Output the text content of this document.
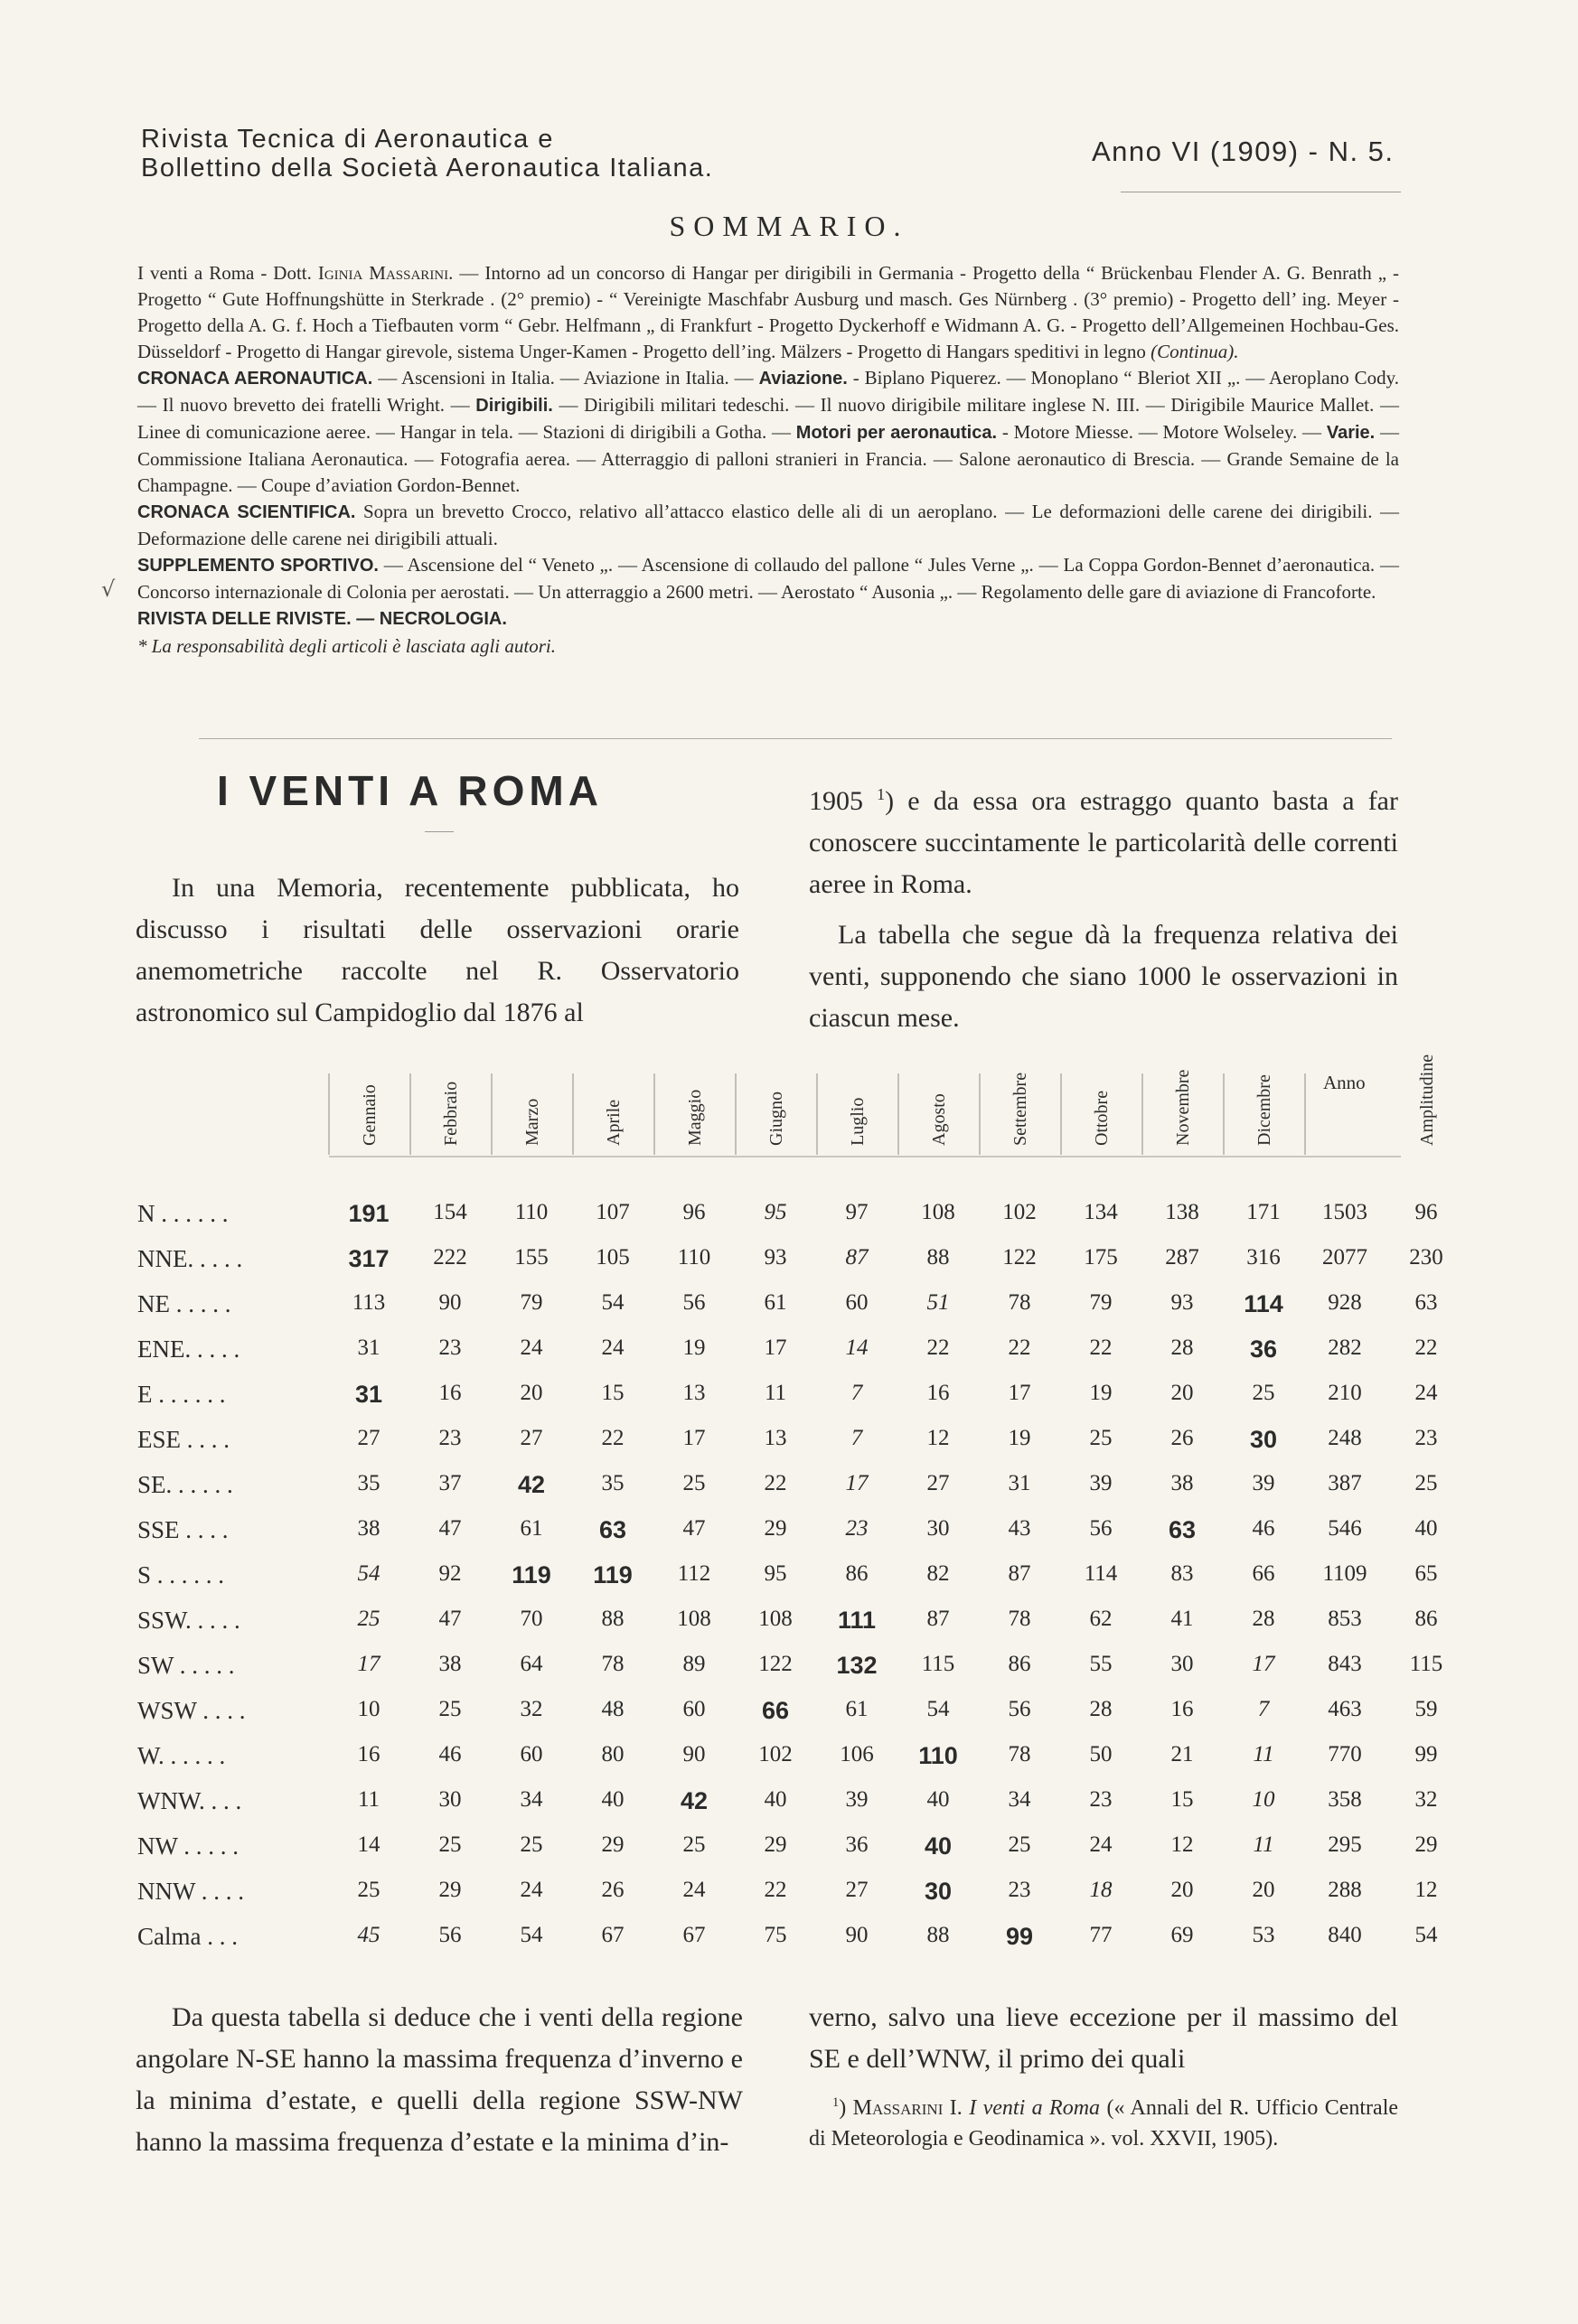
Rivista Tecnica di Aeronautica e
Bollettino della Società Aeronautica Italiana.
Anno VI (1909) - N. 5.
SOMMARIO.
√

I venti a Roma - Dott. Iginia Massarini. — Intorno ad un concorso di Hangar per dirigibili in Germania - Progetto della “ Brückenbau Flender A. G. Benrath „ - Progetto “ Gute Hoffnungshütte in Sterkrade . (2° premio) - “ Vereinigte Maschfabr Ausburg und masch. Ges Nürnberg . (3° premio) - Progetto dell’ ing. Meyer - Progetto della A. G. f. Hoch a Tiefbauten vorm “ Gebr. Helfmann „ di Frankfurt - Progetto Dyckerhoff e Widmann A. G. - Progetto dell’Allgemeinen Hochbau-Ges. Düsseldorf - Progetto di Hangar girevole, sistema Unger-Kamen - Progetto dell’ing. Mälzers - Progetto di Hangars speditivi in legno (Continua).

CRONACA AERONAUTICA. — Ascensioni in Italia. — Aviazione in Italia. — Aviazione. - Biplano Piquerez. — Monoplano “ Bleriot XII „. — Aeroplano Cody. — Il nuovo brevetto dei fratelli Wright. — Dirigibili. — Dirigibili militari tedeschi. — Il nuovo dirigibile militare inglese N. III. — Dirigibile Maurice Mallet. — Linee di comunicazione aeree. — Hangar in tela. — Stazioni di dirigibili a Gotha. — Motori per aeronautica. - Motore Miesse. — Motore Wolseley. — Varie. — Commissione Italiana Aeronautica. — Fotografia aerea. — Atterraggio di palloni stranieri in Francia. — Salone aeronautico di Brescia. — Grande Semaine de la Champagne. — Coupe d’aviation Gordon-Bennet.

CRONACA SCIENTIFICA. Sopra un brevetto Crocco, relativo all’attacco elastico delle ali di un aeroplano. — Le deformazioni delle carene dei dirigibili. — Deformazione delle carene nei dirigibili attuali.

SUPPLEMENTO SPORTIVO. — Ascensione del “ Veneto „. — Ascensione di collaudo del pallone “ Jules Verne „. — La Coppa Gordon-Bennet d’aeronautica. — Concorso internazionale di Colonia per aerostati. — Un atterraggio a 2600 metri. — Aerostato “ Ausonia „. — Regolamento delle gare di aviazione di Francoforte.

RIVISTA DELLE RIVISTE. — NECROLOGIA.

* La responsabilità degli articoli è lasciata agli autori.

I VENTI A ROMA

In una Memoria, recentemente pubblicata, ho discusso i risultati delle osservazioni orarie anemometriche raccolte nel R. Osservatorio astronomico sul Campidoglio dal 1876 al

1905 $^1$) e da essa ora estraggo quanto basta a far conoscere succintamente le particolarità delle correnti aeree in Roma.

La tabella che segue dà la frequenza relativa dei venti, supponendo che siano 1000 le osservazioni in ciascun mese.

Gennaio	Febbraio	Marzo	Aprile	Maggio	Giugno	Luglio	Agosto	Settembre	Ottobre	Novembre	Dicembre	Anno	Amplitudine
N . . . . . .	191	154	110	107	96	95	97	108	102	134	138	171	1503	96
NNE. . . . .	317	222	155	105	110	93	87	88	122	175	287	316	2077	230
NE . . . . .	113	90	79	54	56	61	60	51	78	79	93	114	928	63
ENE. . . . .	31	23	24	24	19	17	14	22	22	22	28	36	282	22
E . . . . . .	31	16	20	15	13	11	7	16	17	19	20	25	210	24
ESE . . . .	27	23	27	22	17	13	7	12	19	25	26	30	248	23
SE. . . . . .	35	37	42	35	25	22	17	27	31	39	38	39	387	25
SSE . . . .	38	47	61	63	47	29	23	30	43	56	63	46	546	40
S . . . . . .	54	92	119	119	112	95	86	82	87	114	83	66	1109	65
SSW. . . . .	25	47	70	88	108	108	111	87	78	62	41	28	853	86
SW . . . . .	17	38	64	78	89	122	132	115	86	55	30	17	843	115
WSW . . . .	10	25	32	48	60	66	61	54	56	28	16	7	463	59
W. . . . . .	16	46	60	80	90	102	106	110	78	50	21	11	770	99
WNW. . . .	11	30	34	40	42	40	39	40	34	23	15	10	358	32
NW . . . . .	14	25	25	29	25	29	36	40	25	24	12	11	295	29
NNW . . . .	25	29	24	26	24	22	27	30	23	18	20	20	288	12
Calma . . .	45	56	54	67	67	75	90	88	99	77	69	53	840	54
Da questa tabella si deduce che i venti della regione angolare N-SE hanno la massima frequenza d’inverno e la minima d’estate, e quelli della regione SSW-NW hanno la massima frequenza d’estate e la minima d’in-
verno, salvo una lieve eccezione per il massimo del SE e dell’WNW, il primo dei quali
$^1$) Massarini I. I venti a Roma (« Annali del R. Ufficio Centrale di Meteorologia e Geodinamica ». vol. XXVII, 1905).
